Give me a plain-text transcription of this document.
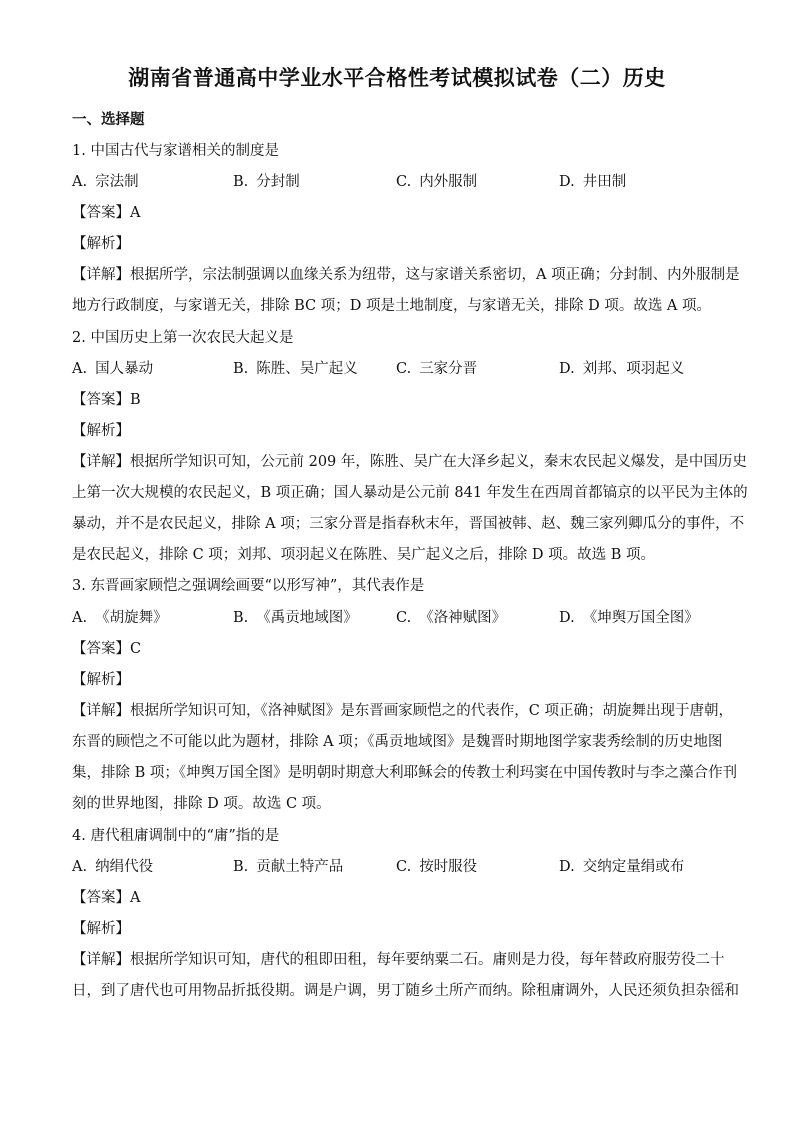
湖南省普通高中学业水平合格性考试模拟试卷（二）历史
一、选择题
1. 中国古代与家谱相关的制度是
A. 宗法制	B. 分封制	C. 内外服制	D. 井田制
【答案】A
【解析】
【详解】根据所学，宗法制强调以血缘关系为纽带，这与家谱关系密切，A 项正确；分封制、内外服制是
地方行政制度，与家谱无关，排除 BC 项；D 项是土地制度，与家谱无关，排除 D 项。故选 A 项。
2. 中国历史上第一次农民大起义是
A. 国人暴动	B. 陈胜、吴广起义	C. 三家分晋	D. 刘邦、项羽起义
【答案】B
【解析】
【详解】根据所学知识可知，公元前 209 年，陈胜、吴广在大泽乡起义，秦末农民起义爆发，是中国历史
上第一次大规模的农民起义，B 项正确；国人暴动是公元前 841 年发生在西周首都镐京的以平民为主体的
暴动，并不是农民起义，排除 A 项；三家分晋是指春秋末年，晋国被韩、赵、魏三家列卿瓜分的事件，不
是农民起义，排除 C 项；刘邦、项羽起义在陈胜、吴广起义之后，排除 D 项。故选 B 项。
3. 东晋画家顾恺之强调绘画要“以形写神”，其代表作是
A. 《胡旋舞》	B. 《禹贡地域图》	C. 《洛神赋图》	D. 《坤舆万国全图》
【答案】C
【解析】
【详解】根据所学知识可知，《洛神赋图》是东晋画家顾恺之的代表作，C 项正确；胡旋舞出现于唐朝，
东晋的顾恺之不可能以此为题材，排除 A 项；《禹贡地域图》是魏晋时期地图学家裴秀绘制的历史地图
集，排除 B 项；《坤舆万国全图》是明朝时期意大利耶稣会的传教士利玛窦在中国传教时与李之藻合作刊
刻的世界地图，排除 D 项。故选 C 项。
4. 唐代租庸调制中的“庸”指的是
A. 纳绢代役	B. 贡献土特产品	C. 按时服役	D. 交纳定量绢或布
【答案】A
【解析】
【详解】根据所学知识可知，唐代的租即田租，每年要纳粟二石。庸则是力役，每年替政府服劳役二十
日，到了唐代也可用物品折抵役期。调是户调，男丁随乡土所产而纳。除租庸调外，人民还须负担杂徭和
